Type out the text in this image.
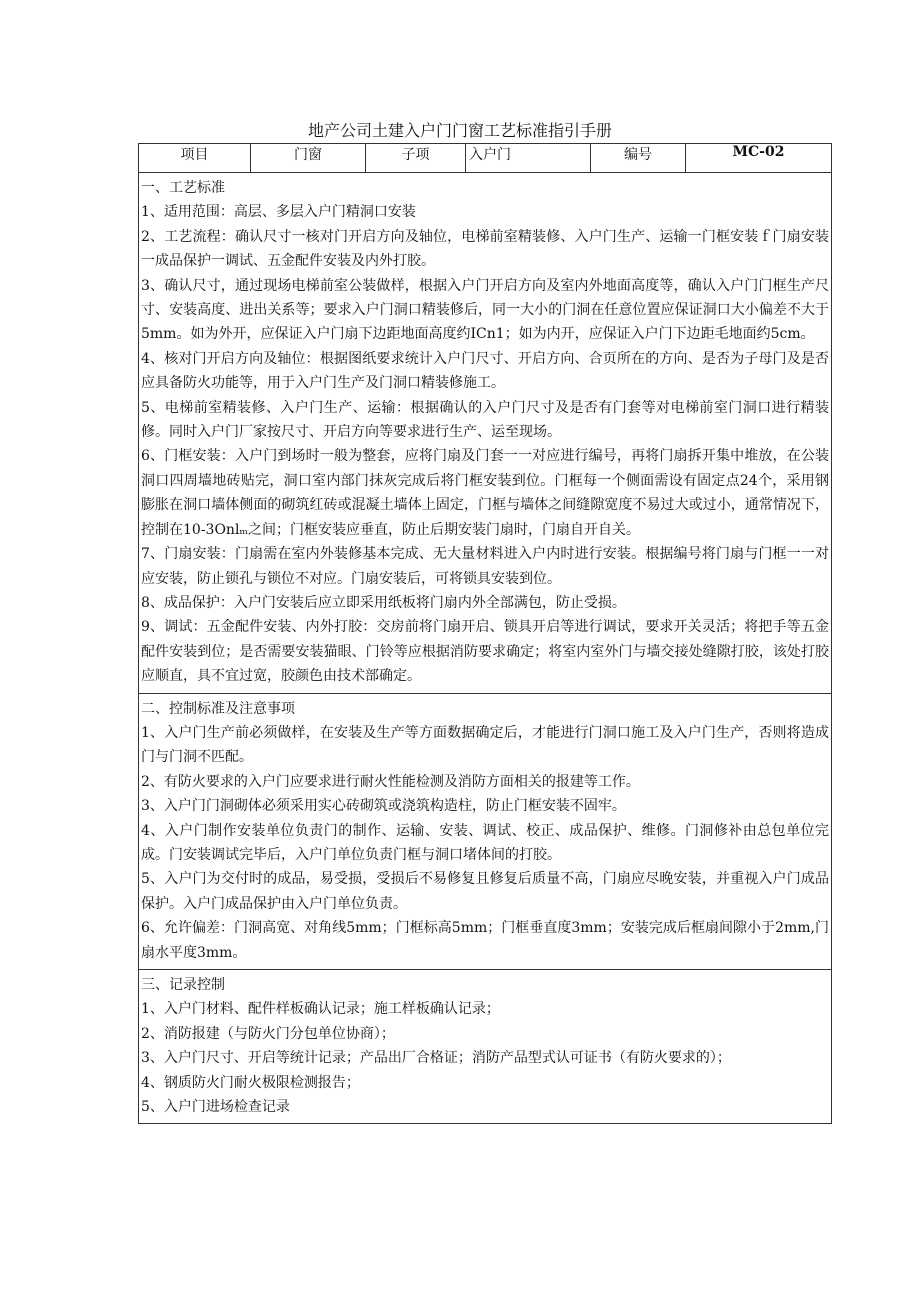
地产公司土建入户门门窗工艺标准指引手册
项目	门窗	子项	入户门	编号	MC-02

一、工艺标准
1、适用范围：高层、多层入户门精洞口安装
2、工艺流程：确认尺寸一核对门开启方向及轴位，电梯前室精装修、入户门生产、运输一门框安装ｆ门扇安装一成品保护一调试、五金配件安装及内外打胶。
3、确认尺寸，通过现场电梯前室公装做样，根据入户门开启方向及室内外地面高度等，确认入户门门框生产尺寸、安装高度、进出关系等；要求入户门洞口精装修后，同一大小的门洞在任意位置应保证洞口大小偏差不大于5mm。如为外开，应保证入户门扇下边距地面高度约ICn1；如为内开，应保证入户门下边距毛地面约5cm。
4、核对门开启方向及轴位：根据图纸要求统计入户门尺寸、开启方向、合页所在的方向、是否为子母门及是否应具备防火功能等，用于入户门生产及门洞口精装修施工。
5、电梯前室精装修、入户门生产、运输：根据确认的入户门尺寸及是否有门套等对电梯前室门洞口进行精装修。同时入户门厂家按尺寸、开启方向等要求进行生产、运至现场。
6、门框安装：入户门到场时一般为整套，应将门扇及门套一一对应进行编号，再将门扇拆开集中堆放，在公装洞口四周墙地砖贴完，洞口室内部门抹灰完成后将门框安装到位。门框每一个侧面需设有固定点24个，采用钢膨胀在洞口墙体侧面的砌筑红砖或混凝土墙体上固定，门框与墙体之间缝隙宽度不易过大或过小，通常情况下，控制在10-3Onlₘ之间；门框安装应垂直，防止后期安装门扇时，门扇自开自关。
7、门扇安装：门扇需在室内外装修基本完成、无大量材料进入户内时进行安装。根据编号将门扇与门框一一对应安装，防止锁孔与锁位不对应。门扇安装后，可将锁具安装到位。
8、成品保护：入户门安装后应立即采用纸板将门扇内外全部满包，防止受损。
9、调试：五金配件安装、内外打胶：交房前将门扇开启、锁具开启等进行调试，要求开关灵活；将把手等五金配件安装到位；是否需要安装猫眼、门铃等应根据消防要求确定；将室内室外门与墙交接处缝隙打胶，该处打胶应顺直，具不宜过宽，胶颜色由技术部确定。

二、控制标准及注意事项
1、入户门生产前必须做样，在安装及生产等方面数据确定后，才能进行门洞口施工及入户门生产，否则将造成门与门洞不匹配。
2、有防火要求的入户门应要求进行耐火性能检测及消防方面相关的报建等工作。
3、入户门门洞砌体必须采用实心砖砌筑或浇筑构造柱，防止门框安装不固牢。
4、入户门制作安装单位负责门的制作、运输、安装、调试、校正、成品保护、维修。门洞修补由总包单位完成。门安装调试完毕后，入户门单位负责门框与洞口堵体间的打胶。
5、入户门为交付时的成品，易受损，受损后不易修复且修复后质量不高，门扇应尽晚安装，并重视入户门成品保护。入户门成品保护由入户门单位负责。
6、允许偏差：门洞高宽、对角线5mm；门框标高5mm；门框垂直度3mm；安装完成后框扇间隙小于2mm,门扇水平度3mm。

三、记录控制
1、入户门材料、配件样板确认记录；施工样板确认记录；
2、消防报建（与防火门分包单位协商）；
3、入户门尺寸、开启等统计记录；产品出厂合格证；消防产品型式认可证书（有防火要求的）；
4、钢质防火门耐火极限检测报告；
5、入户门进场检查记录
